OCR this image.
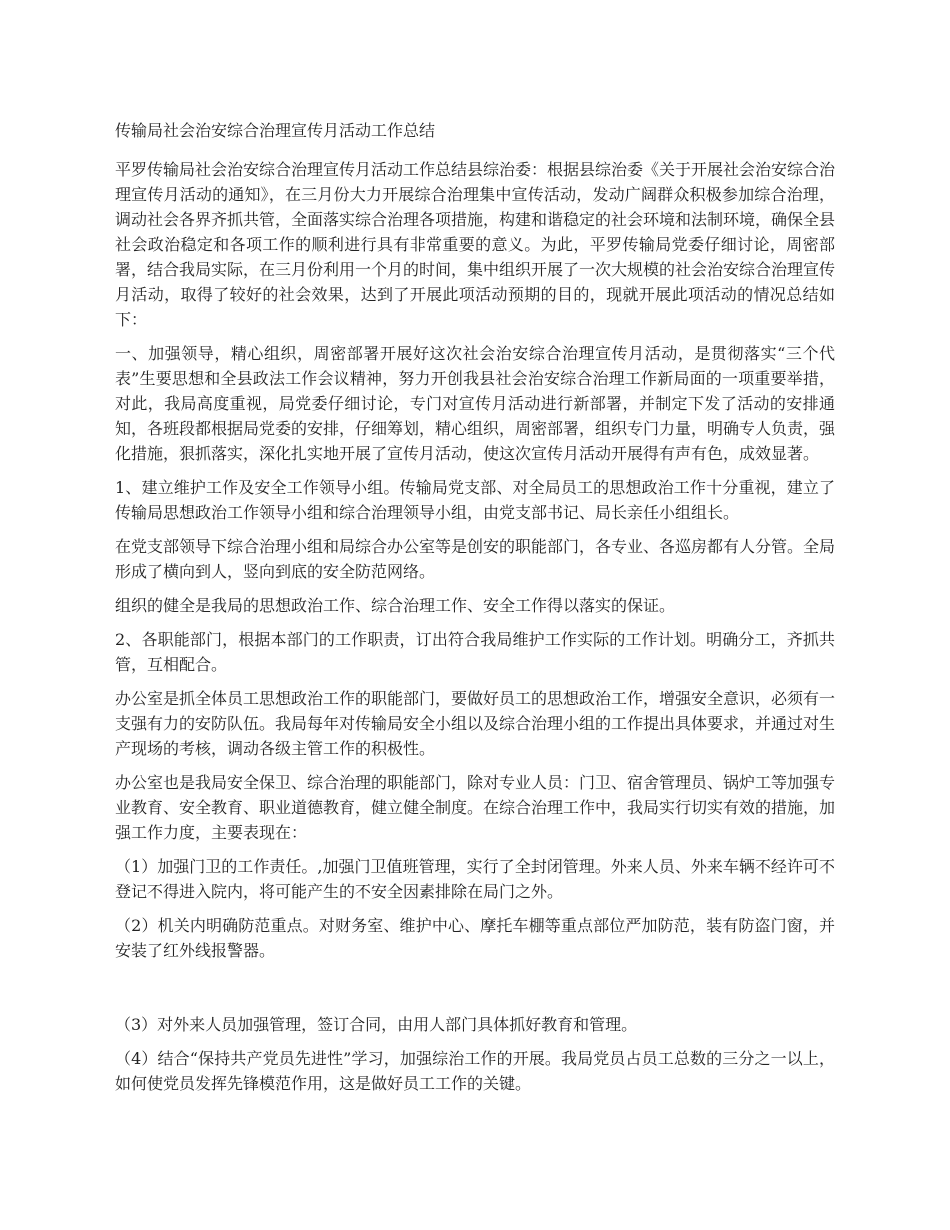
传输局社会治安综合治理宣传月活动工作总结

平罗传输局社会治安综合治理宣传月活动工作总结县综治委：根据县综治委《关于开展社会治安综合治理宣传月活动的通知》，在三月份大力开展综合治理集中宣传活动，发动广阔群众积极参加综合治理，调动社会各界齐抓共管，全面落实综合治理各项措施，构建和谐稳定的社会环境和法制环境，确保全县社会政治稳定和各项工作的顺利进行具有非常重要的意义。为此，平罗传输局党委仔细讨论，周密部署，结合我局实际，在三月份利用一个月的时间，集中组织开展了一次大规模的社会治安综合治理宣传月活动，取得了较好的社会效果，达到了开展此项活动预期的目的，现就开展此项活动的情况总结如下：

一、加强领导，精心组织，周密部署开展好这次社会治安综合治理宣传月活动，是贯彻落实“三个代表”生要思想和全县政法工作会议精神，努力开创我县社会治安综合治理工作新局面的一项重要举措，对此，我局高度重视，局党委仔细讨论，专门对宣传月活动进行新部署，并制定下发了活动的安排通知，各班段都根据局党委的安排，仔细筹划，精心组织，周密部署，组织专门力量，明确专人负责，强化措施，狠抓落实，深化扎实地开展了宣传月活动，使这次宣传月活动开展得有声有色，成效显著。

1、建立维护工作及安全工作领导小组。传输局党支部、对全局员工的思想政治工作十分重视，建立了传输局思想政治工作领导小组和综合治理领导小组，由党支部书记、局长亲任小组组长。

在党支部领导下综合治理小组和局综合办公室等是创安的职能部门，各专业、各巡房都有人分管。全局形成了横向到人，竖向到底的安全防范网络。

组织的健全是我局的思想政治工作、综合治理工作、安全工作得以落实的保证。

2、各职能部门，根据本部门的工作职责，订出符合我局维护工作实际的工作计划。明确分工，齐抓共管，互相配合。

办公室是抓全体员工思想政治工作的职能部门，要做好员工的思想政治工作，增强安全意识，必须有一支强有力的安防队伍。我局每年对传输局安全小组以及综合治理小组的工作提出具体要求，并通过对生产现场的考核，调动各级主管工作的积极性。

办公室也是我局安全保卫、综合治理的职能部门，除对专业人员：门卫、宿舍管理员、锅炉工等加强专业教育、安全教育、职业道德教育，健立健全制度。在综合治理工作中，我局实行切实有效的措施，加强工作力度，主要表现在：

（1）加强门卫的工作责任。,加强门卫值班管理，实行了全封闭管理。外来人员、外来车辆不经许可不登记不得进入院内，将可能产生的不安全因素排除在局门之外。

（2）机关内明确防范重点。对财务室、维护中心、摩托车棚等重点部位严加防范，装有防盗门窗，并安装了红外线报警器。

（3）对外来人员加强管理，签订合同，由用人部门具体抓好教育和管理。

（4）结合“保持共产党员先进性”学习，加强综治工作的开展。我局党员占员工总数的三分之一以上，如何使党员发挥先锋模范作用，这是做好员工工作的关键。
